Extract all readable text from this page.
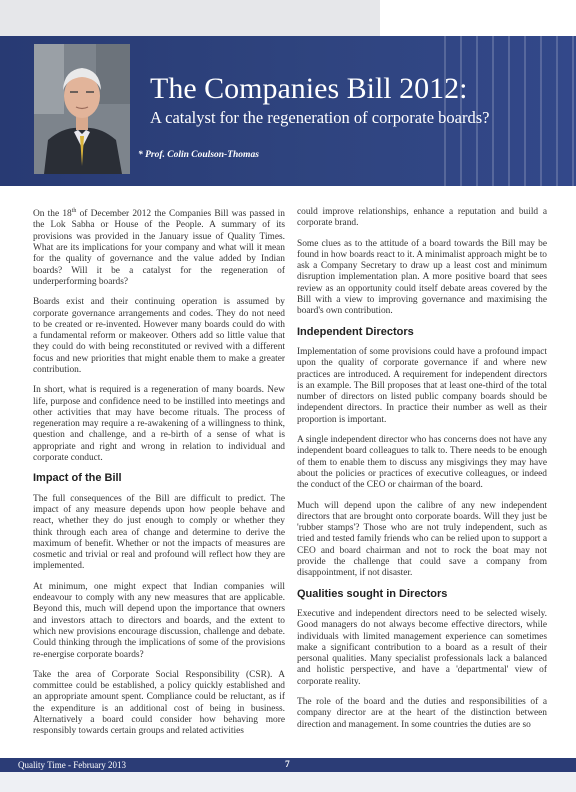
The Companies Bill 2012:
A catalyst for the regeneration of corporate boards?
* Prof. Colin Coulson-Thomas

On the 18th of December 2012 the Companies Bill was passed in the Lok Sabha or House of the People. A summary of its provisions was provided in the January issue of Quality Times. What are its implications for your company and what will it mean for the quality of governance and the value added by Indian boards? Will it be a catalyst for the regeneration of underperforming boards?

Boards exist and their continuing operation is assumed by corporate governance arrangements and codes. They do not need to be created or re-invented. However many boards could do with a fundamental reform or makeover. Others add so little value that they could do with being reconstituted or revived with a different focus and new priorities that might enable them to make a greater contribution.

In short, what is required is a regeneration of many boards. New life, purpose and confidence need to be instilled into meetings and other activities that may have become rituals. The process of regeneration may require a re-awakening of a willingness to think, question and challenge, and a re-birth of a sense of what is appropriate and right and wrong in relation to individual and corporate conduct.

Impact of the Bill

The full consequences of the Bill are difficult to predict. The impact of any measure depends upon how people behave and react, whether they do just enough to comply or whether they think through each area of change and determine to derive the maximum of benefit. Whether or not the impacts of measures are cosmetic and trivial or real and profound will reflect how they are implemented.

At minimum, one might expect that Indian companies will endeavour to comply with any new measures that are applicable. Beyond this, much will depend upon the importance that owners and investors attach to directors and boards, and the extent to which new provisions encourage discussion, challenge and debate. Could thinking through the implications of some of the provisions re-energise corporate boards?

Take the area of Corporate Social Responsibility (CSR). A committee could be established, a policy quickly established and an appropriate amount spent. Compliance could be reluctant, as if the expenditure is an additional cost of being in business. Alternatively a board could consider how behaving more responsibly towards certain groups and related activities

could improve relationships, enhance a reputation and build a corporate brand.

Some clues as to the attitude of a board towards the Bill may be found in how boards react to it. A minimalist approach might be to ask a Company Secretary to draw up a least cost and minimum disruption implementation plan. A more positive board that sees review as an opportunity could itself debate areas covered by the Bill with a view to improving governance and maximising the board's own contribution.

Independent Directors

Implementation of some provisions could have a profound impact upon the quality of corporate governance if and where new practices are introduced. A requirement for independent directors is an example. The Bill proposes that at least one-third of the total number of directors on listed public company boards should be independent directors. In practice their number as well as their proportion is important.

A single independent director who has concerns does not have any independent board colleagues to talk to. There needs to be enough of them to enable them to discuss any misgivings they may have about the policies or practices of executive colleagues, or indeed the conduct of the CEO or chairman of the board.

Much will depend upon the calibre of any new independent directors that are brought onto corporate boards. Will they just be 'rubber stamps'? Those who are not truly independent, such as tried and tested family friends who can be relied upon to support a CEO and board chairman and not to rock the boat may not provide the challenge that could save a company from disappointment, if not disaster.

Qualities sought in Directors

Executive and independent directors need to be selected wisely. Good managers do not always become effective directors, while individuals with limited management experience can sometimes make a significant contribution to a board as a result of their personal qualities. Many specialist professionals lack a balanced and holistic perspective, and have a 'departmental' view of corporate reality.

The role of the board and the duties and responsibilities of a company director are at the heart of the distinction between direction and management. In some countries the duties are so

Quality Time - February 2013	7
